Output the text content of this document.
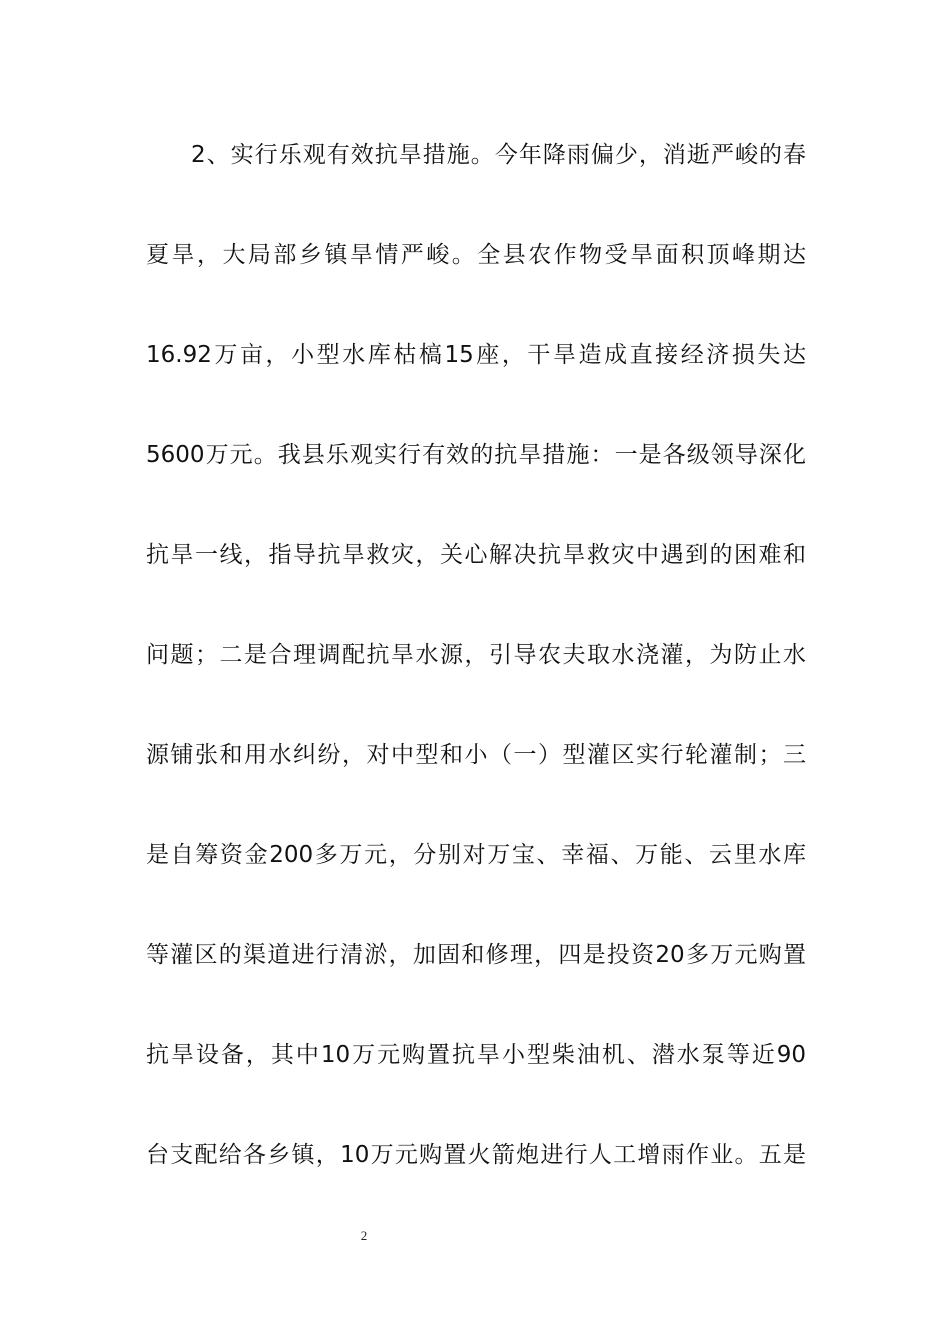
2、实行乐观有效抗旱措施。今年降雨偏少，消逝严峻的春
夏旱，大局部乡镇旱情严峻。全县农作物受旱面积顶峰期达
16.92万亩，小型水库枯槁15座，干旱造成直接经济损失达
5600万元。我县乐观实行有效的抗旱措施：一是各级领导深化
抗旱一线，指导抗旱救灾，关心解决抗旱救灾中遇到的困难和
问题；二是合理调配抗旱水源，引导农夫取水浇灌，为防止水
源铺张和用水纠纷，对中型和小（一）型灌区实行轮灌制；三
是自筹资金200多万元，分别对万宝、幸福、万能、云里水库
等灌区的渠道进行清淤，加固和修理，四是投资20多万元购置
抗旱设备，其中10万元购置抗旱小型柴油机、潜水泵等近90
台支配给各乡镇，10万元购置火箭炮进行人工增雨作业。五是
2
